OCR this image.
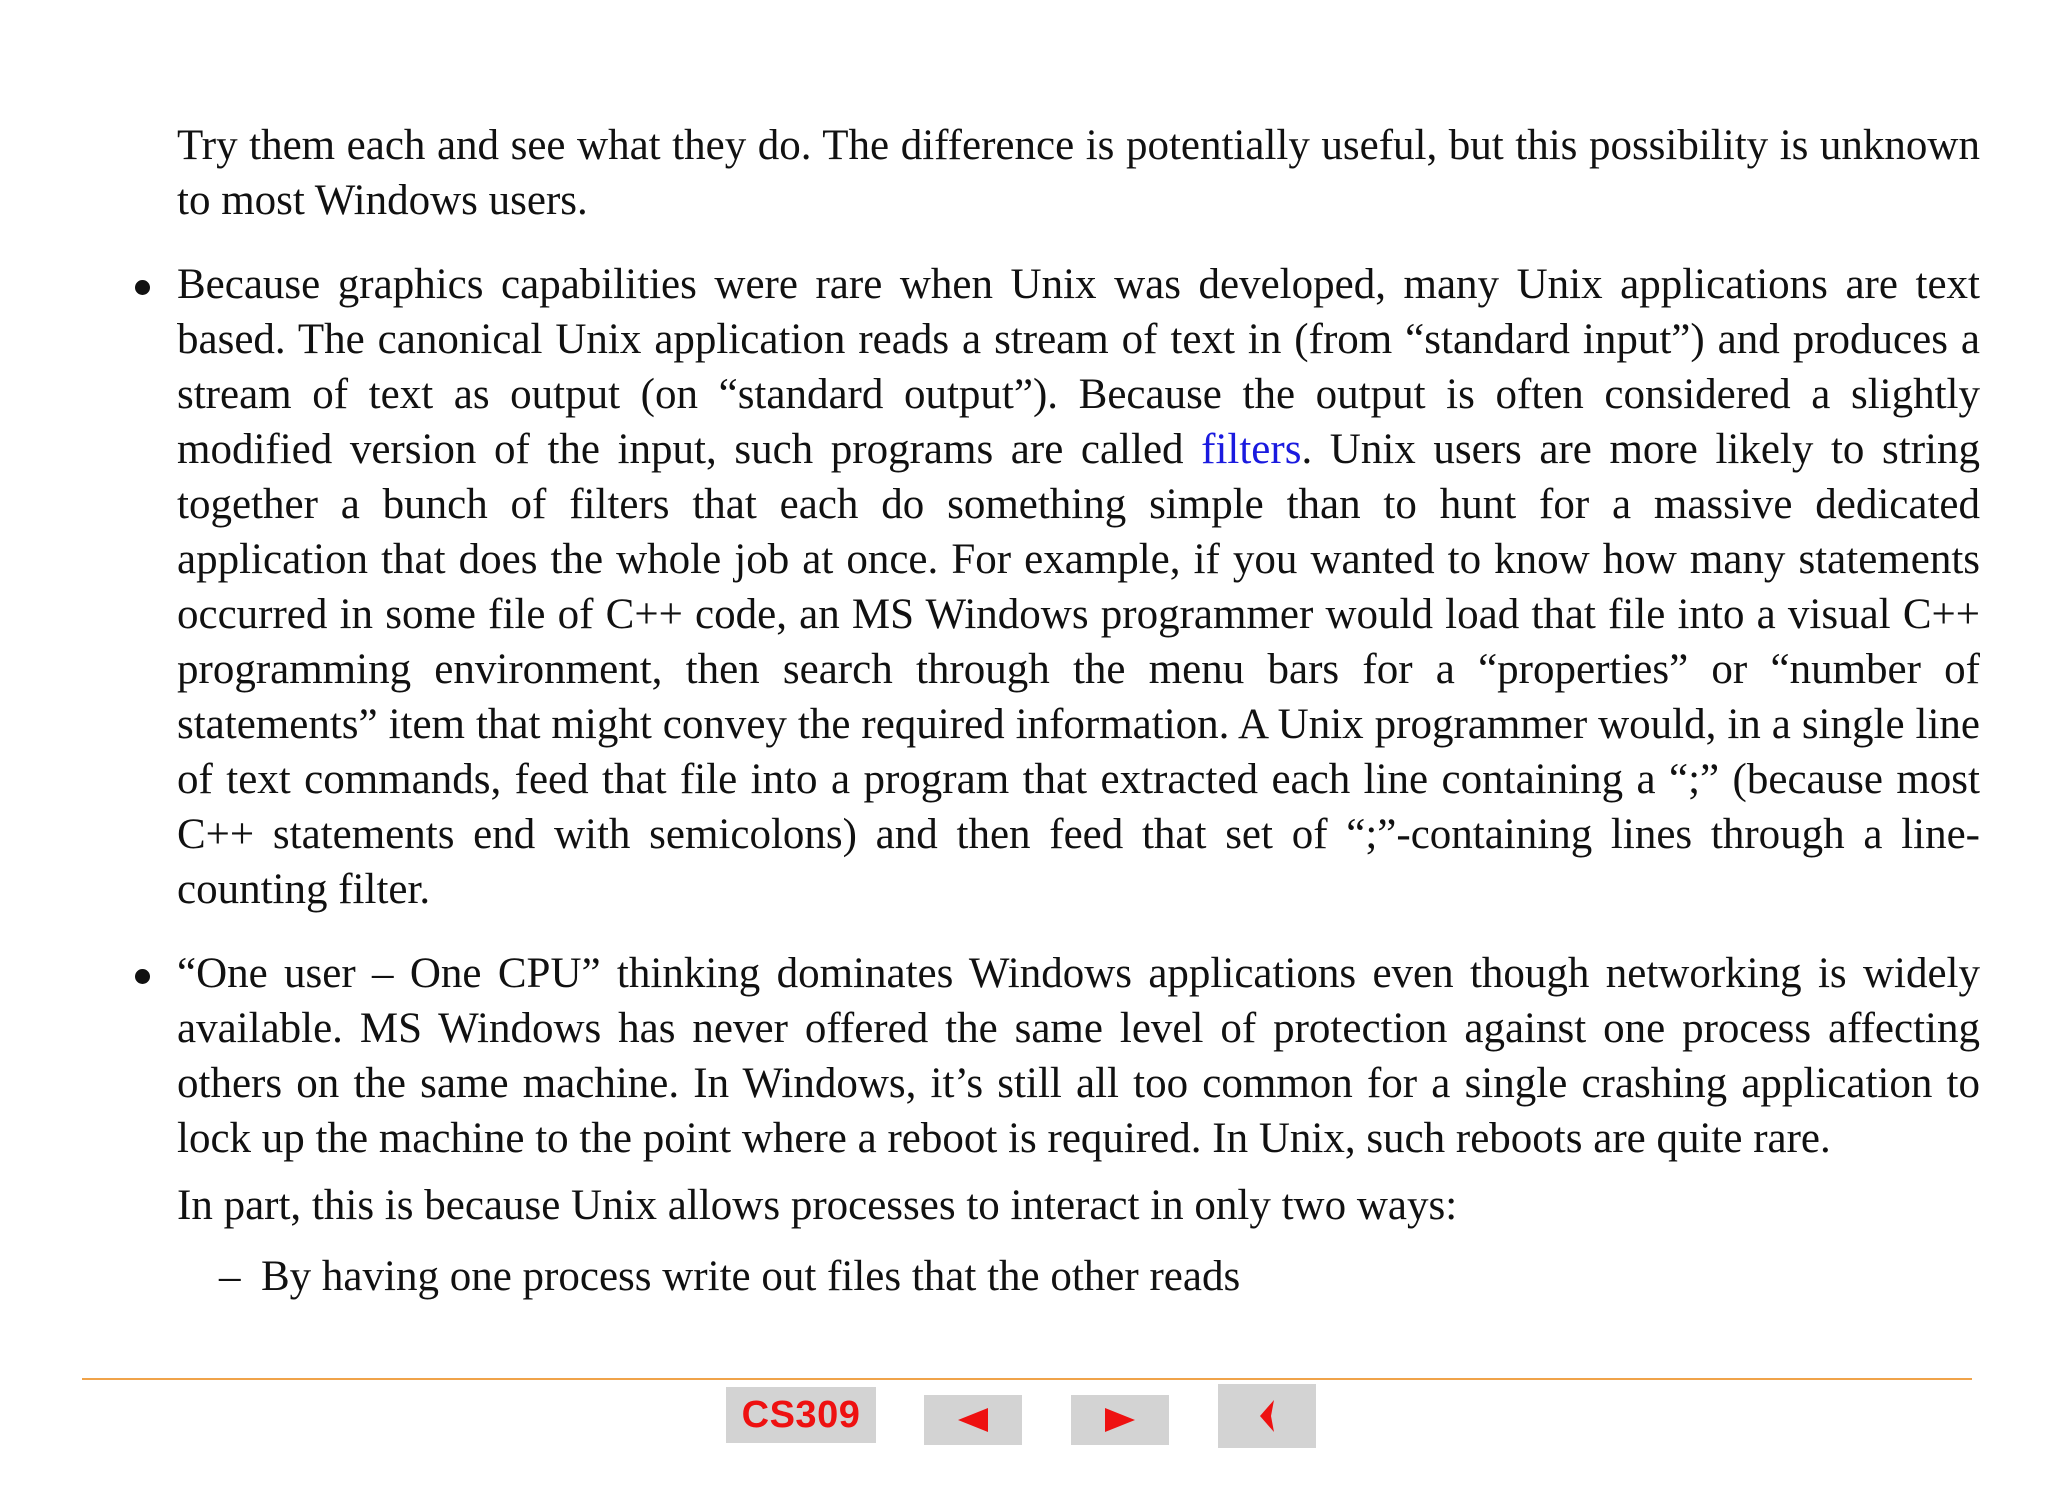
Try them each and see what they do. The difference is potentially useful, but this possibility is unknown to most Windows users.

Because graphics capabilities were rare when Unix was developed, many Unix applications are text based. The canonical Unix application reads a stream of text in (from “standard input”) and produces a stream of text as output (on “standard output”). Because the output is often considered a slightly modified version of the input, such programs are called filters. Unix users are more likely to string together a bunch of filters that each do something simple than to hunt for a massive dedicated application that does the whole job at once. For example, if you wanted to know how many statements occurred in some file of C++ code, an MS Windows programmer would load that file into a visual C++ programming environment, then search through the menu bars for a “properties” or “number of statements” item that might convey the required information. A Unix programmer would, in a single line of text commands, feed that file into a program that extracted each line containing a “;” (because most C++ statements end with semicolons) and then feed that set of “;”-containing lines through a line-counting filter.

“One user – One CPU” thinking dominates Windows applications even though networking is widely available. MS Windows has never offered the same level of protection against one process affecting others on the same machine. In Windows, it’s still all too common for a single crashing application to lock up the machine to the point where a reboot is required. In Unix, such reboots are quite rare.

In part, this is because Unix allows processes to interact in only two ways:

– By having one process write out files that the other reads
CS309
